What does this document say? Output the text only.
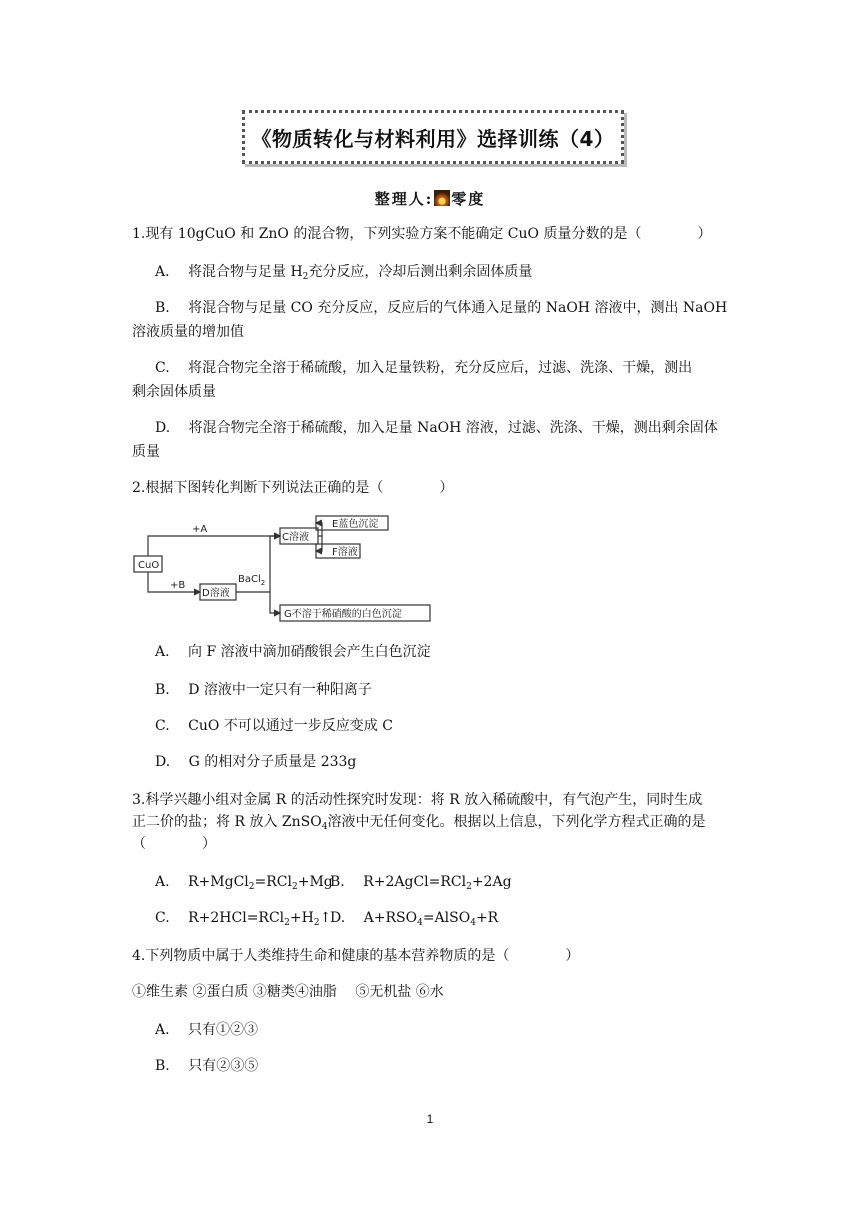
《物质转化与材料利用》选择训练（4）
整理人: 零度
1.现有 10gCuO 和 ZnO 的混合物，下列实验方案不能确定 CuO 质量分数的是（　　　　）
A.　 将混合物与足量 $H_2$充分反应，冷却后测出剩余固体质量
B.　 将混合物与足量 CO 充分反应，反应后的气体通入足量的 NaOH 溶液中，测出 NaOH
溶液质量的增加值
C.　 将混合物完全溶于稀硫酸，加入足量铁粉，充分反应后，过滤、洗涤、干燥，测出
剩余固体质量
D.　 将混合物完全溶于稀硫酸，加入足量 NaOH 溶液，过滤、洗涤、干燥，测出剩余固体
质量
2.根据下图转化判断下列说法正确的是（　　　　）
CuO
+A
+B
C溶液
D溶液
BaCl$_2$
E蓝色沉淀
F溶液
G不溶于稀硝酸的白色沉淀
A.　 向 F 溶液中滴加硝酸银会产生白色沉淀
B.　 D 溶液中一定只有一种阳离子
C.　 CuO 不可以通过一步反应变成 C
D.　 G 的相对分子质量是 233g
3.科学兴趣小组对金属 R 的活动性探究时发现：将 R 放入稀硫酸中，有气泡产生，同时生成
正二价的盐；将 R 放入 ZnSO$_4$溶液中无任何变化。根据以上信息，下列化学方程式正确的是
（　　　　）
A.　 R+MgCl$_2$=RCl$_2$+Mg
B.　 R+2AgCl=RCl$_2$+2Ag
C.　 $R+2HCl=RCl_2+H_2↑$
D.　 $A+RSO_4=AlSO_4+R$
4.下列物质中属于人类维持生命和健康的基本营养物质的是（　　　　）
①维生素 ②蛋白质 ③糖类④油脂　 ⑤无机盐 ⑥水
A.　 只有①②③
B.　 只有②③⑤
1
